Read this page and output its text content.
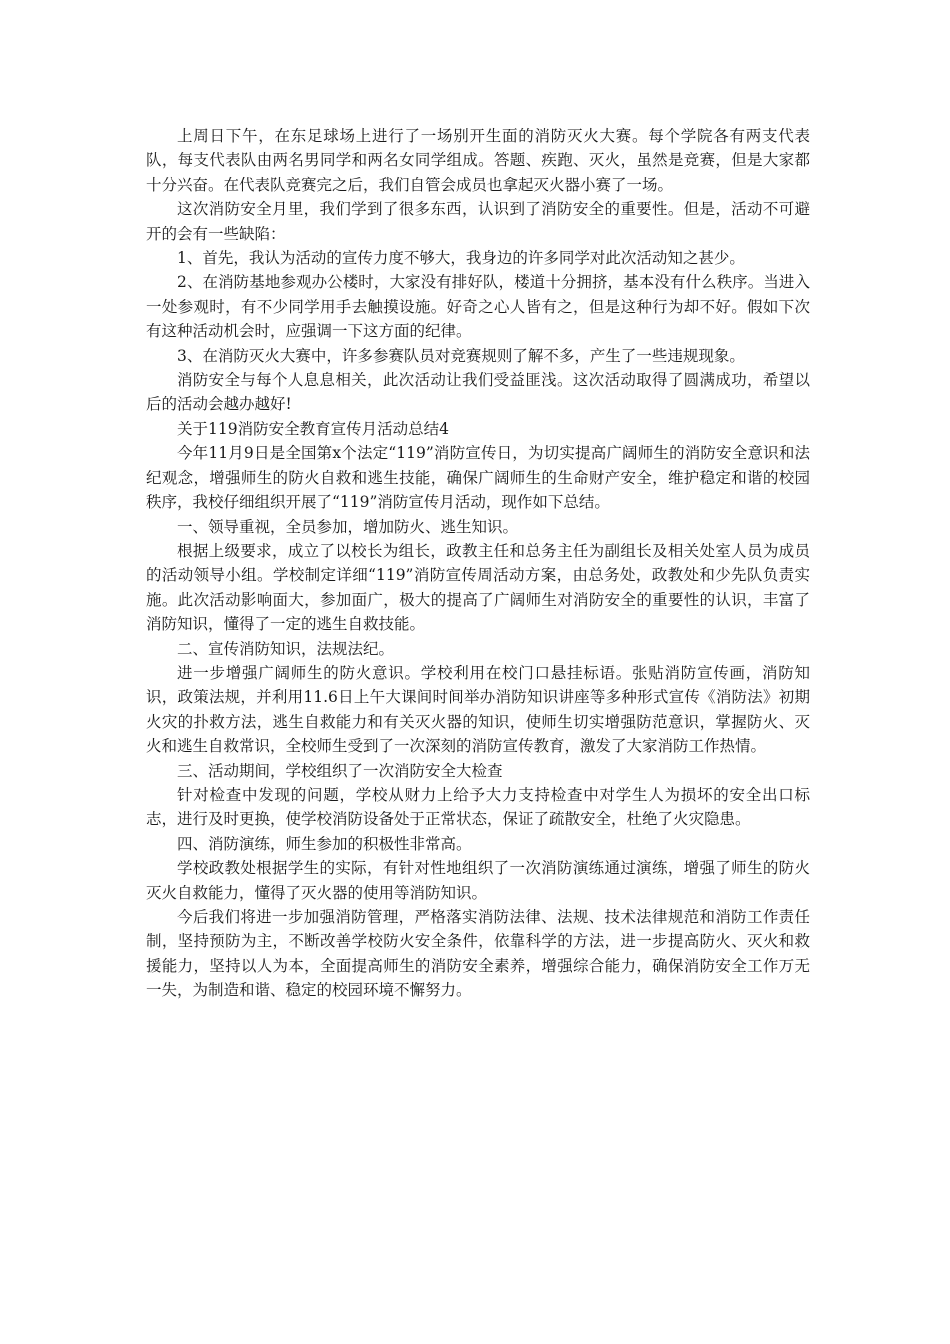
上周日下午，在东足球场上进行了一场别开生面的消防灭火大赛。每个学院各有两支代表队，每支代表队由两名男同学和两名女同学组成。答题、疾跑、灭火，虽然是竞赛，但是大家都十分兴奋。在代表队竞赛完之后，我们自管会成员也拿起灭火器小赛了一场。

这次消防安全月里，我们学到了很多东西，认识到了消防安全的重要性。但是，活动不可避开的会有一些缺陷：

1、首先，我认为活动的宣传力度不够大，我身边的许多同学对此次活动知之甚少。

2、在消防基地参观办公楼时，大家没有排好队，楼道十分拥挤，基本没有什么秩序。当进入一处参观时，有不少同学用手去触摸设施。好奇之心人皆有之，但是这种行为却不好。假如下次有这种活动机会时，应强调一下这方面的纪律。

3、在消防灭火大赛中，许多参赛队员对竞赛规则了解不多，产生了一些违规现象。

消防安全与每个人息息相关，此次活动让我们受益匪浅。这次活动取得了圆满成功，希望以后的活动会越办越好!

关于119消防安全教育宣传月活动总结4

今年11月9日是全国第x个法定“119”消防宣传日，为切实提高广阔师生的消防安全意识和法纪观念，增强师生的防火自救和逃生技能，确保广阔师生的生命财产安全，维护稳定和谐的校园秩序，我校仔细组织开展了“119”消防宣传月活动，现作如下总结。

一、领导重视，全员参加，增加防火、逃生知识。

根据上级要求，成立了以校长为组长，政教主任和总务主任为副组长及相关处室人员为成员的活动领导小组。学校制定详细“119”消防宣传周活动方案，由总务处，政教处和少先队负责实施。此次活动影响面大，参加面广，极大的提高了广阔师生对消防安全的重要性的认识，丰富了消防知识，懂得了一定的逃生自救技能。

二、宣传消防知识，法规法纪。

进一步增强广阔师生的防火意识。学校利用在校门口悬挂标语。张贴消防宣传画，消防知识，政策法规，并利用11.6日上午大课间时间举办消防知识讲座等多种形式宣传《消防法》初期火灾的扑救方法，逃生自救能力和有关灭火器的知识，使师生切实增强防范意识，掌握防火、灭火和逃生自救常识，全校师生受到了一次深刻的消防宣传教育，激发了大家消防工作热情。

三、活动期间，学校组织了一次消防安全大检查

针对检查中发现的问题，学校从财力上给予大力支持检查中对学生人为损坏的安全出口标志，进行及时更换，使学校消防设备处于正常状态，保证了疏散安全，杜绝了火灾隐患。

四、消防演练，师生参加的积极性非常高。

学校政教处根据学生的实际，有针对性地组织了一次消防演练通过演练，增强了师生的防火灭火自救能力，懂得了灭火器的使用等消防知识。

今后我们将进一步加强消防管理，严格落实消防法律、法规、技术法律规范和消防工作责任制，坚持预防为主，不断改善学校防火安全条件，依靠科学的方法，进一步提高防火、灭火和救援能力，坚持以人为本，全面提高师生的消防安全素养，增强综合能力，确保消防安全工作万无一失，为制造和谐、稳定的校园环境不懈努力。
